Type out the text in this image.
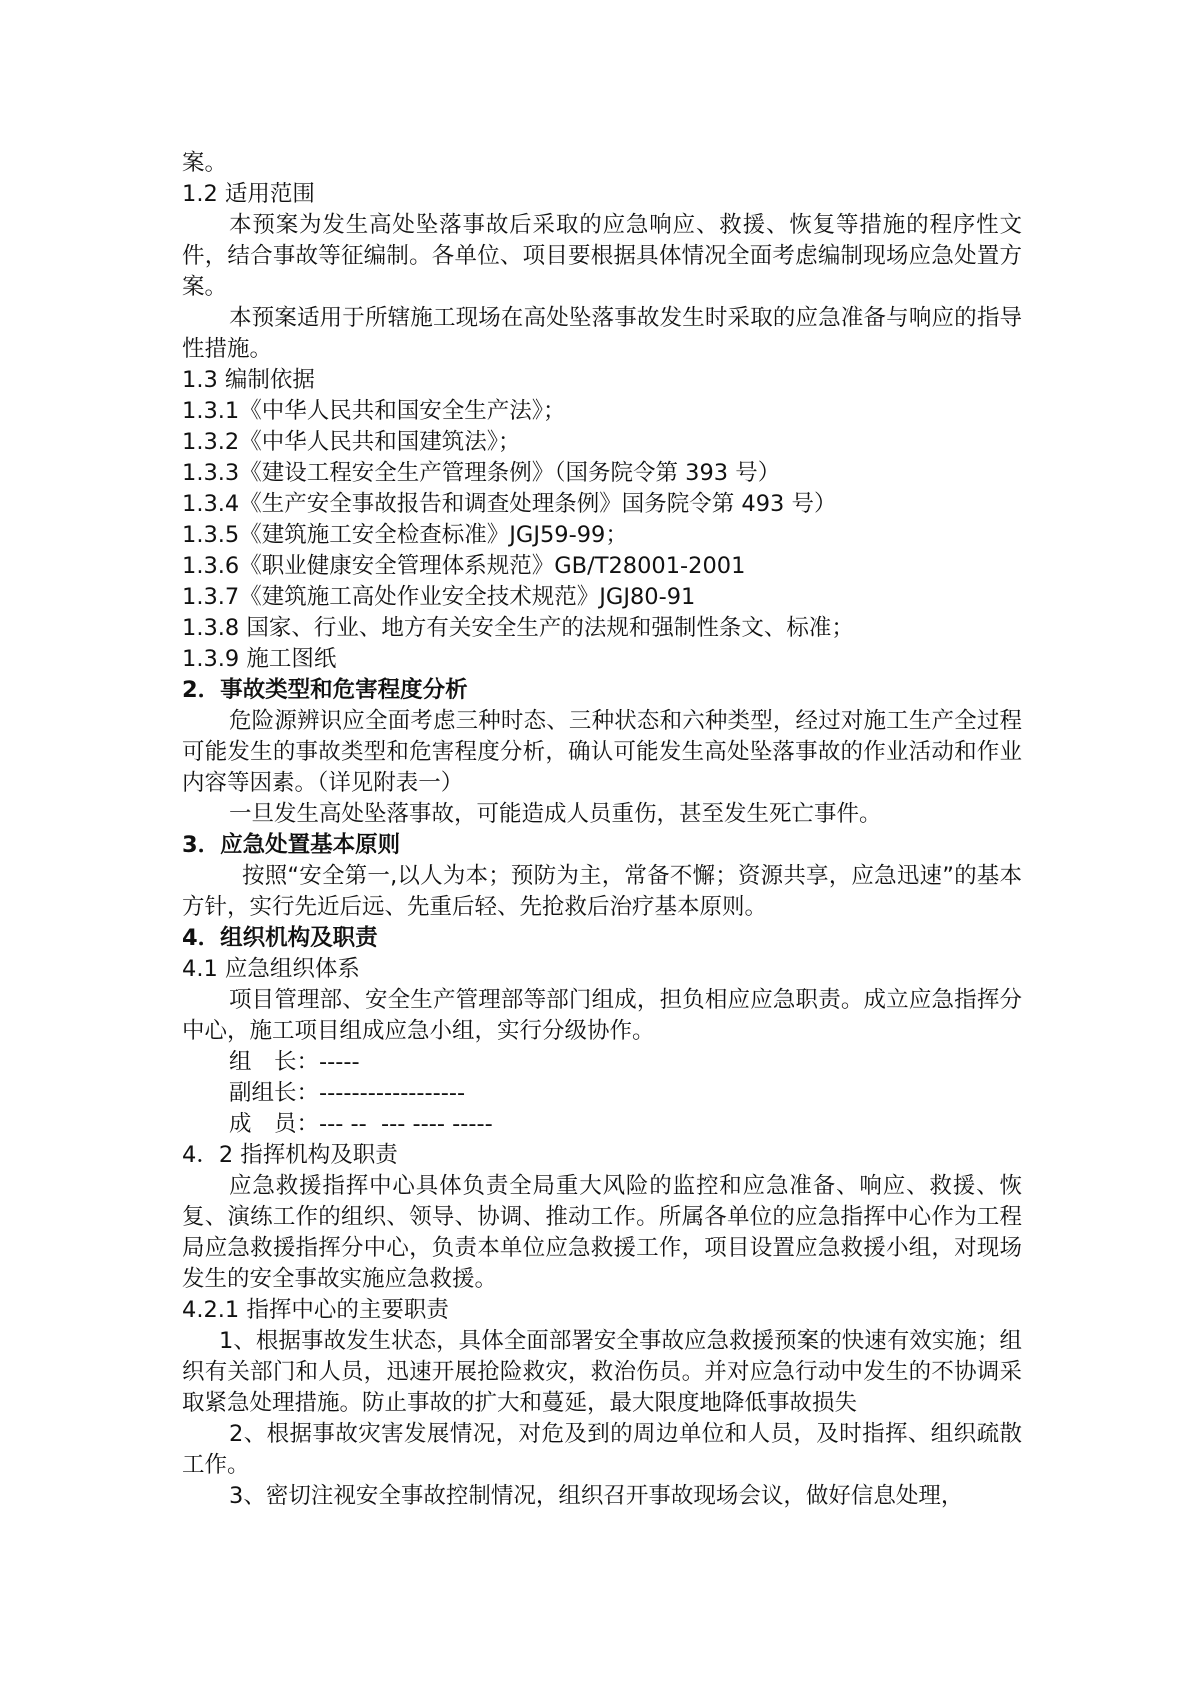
案。

1.2 适用范围

本预案为发生高处坠落事故后采取的应急响应、救援、恢复等措施的程序性文件，结合事故等征编制。各单位、项目要根据具体情况全面考虑编制现场应急处置方案。

本预案适用于所辖施工现场在高处坠落事故发生时采取的应急准备与响应的指导性措施。

1.3 编制依据

1.3.1《中华人民共和国安全生产法》；

1.3.2《中华人民共和国建筑法》；

1.3.3《建设工程安全生产管理条例》（国务院令第 393 号）

1.3.4《生产安全事故报告和调查处理条例》国务院令第 493 号）

1.3.5《建筑施工安全检查标准》JGJ59-99；

1.3.6《职业健康安全管理体系规范》GB/T28001-2001

1.3.7《建筑施工高处作业安全技术规范》JGJ80-91

1.3.8 国家、行业、地方有关安全生产的法规和强制性条文、标准；

1.3.9 施工图纸

2．事故类型和危害程度分析

危险源辨识应全面考虑三种时态、三种状态和六种类型，经过对施工生产全过程可能发生的事故类型和危害程度分析，确认可能发生高处坠落事故的作业活动和作业内容等因素。（详见附表一）

一旦发生高处坠落事故，可能造成人员重伤，甚至发生死亡事件。

3．应急处置基本原则

按照“安全第一,以人为本；预防为主，常备不懈；资源共享，应急迅速”的基本方针，实行先近后远、先重后轻、先抢救后治疗基本原则。

4．组织机构及职责

4.1 应急组织体系

项目管理部、安全生产管理部等部门组成，担负相应应急职责。成立应急指挥分中心，施工项目组成应急小组，实行分级协作。

组　长：-----

副组长：------------------

成　员：--- --  --- ---- -----

4．2 指挥机构及职责

应急救援指挥中心具体负责全局重大风险的监控和应急准备、响应、救援、恢复、演练工作的组织、领导、协调、推动工作。所属各单位的应急指挥中心作为工程局应急救援指挥分中心，负责本单位应急救援工作，项目设置应急救援小组，对现场发生的安全事故实施应急救援。

4.2.1 指挥中心的主要职责

1、根据事故发生状态，具体全面部署安全事故应急救援预案的快速有效实施；组织有关部门和人员，迅速开展抢险救灾，救治伤员。并对应急行动中发生的不协调采取紧急处理措施。防止事故的扩大和蔓延，最大限度地降低事故损失

2、根据事故灾害发展情况，对危及到的周边单位和人员，及时指挥、组织疏散工作。

3、密切注视安全事故控制情况，组织召开事故现场会议，做好信息处理，
